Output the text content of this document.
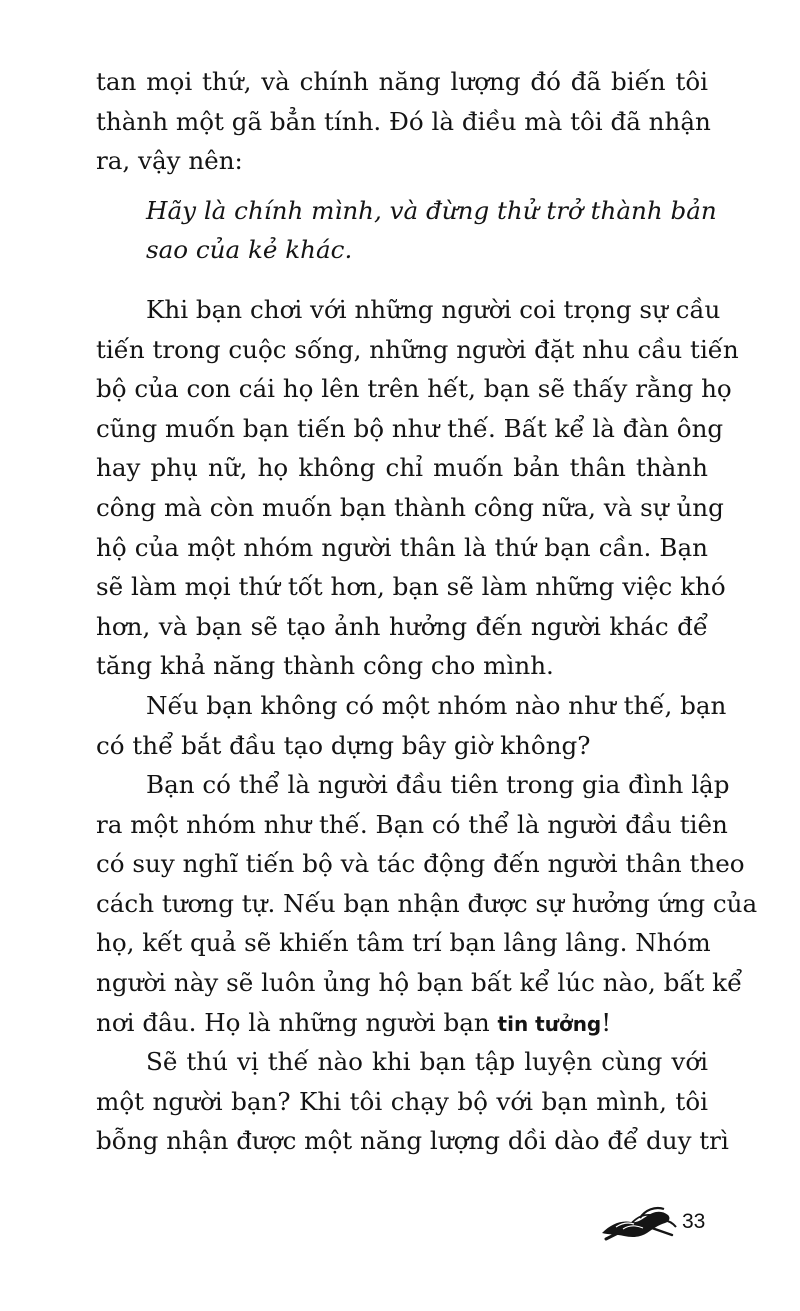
tan mọi thứ, và chính năng lượng đó đã biến tôi
thành một gã bẳn tính. Đó là điều mà tôi đã nhận
ra, vậy nên:
Hãy là chính mình, và đừng thử trở thành bản
sao của kẻ khác.
Khi bạn chơi với những người coi trọng sự cầu
tiến trong cuộc sống, những người đặt nhu cầu tiến
bộ của con cái họ lên trên hết, bạn sẽ thấy rằng họ
cũng muốn bạn tiến bộ như thế. Bất kể là đàn ông
hay phụ nữ, họ không chỉ muốn bản thân thành
công mà còn muốn bạn thành công nữa, và sự ủng
hộ của một nhóm người thân là thứ bạn cần. Bạn
sẽ làm mọi thứ tốt hơn, bạn sẽ làm những việc khó
hơn, và bạn sẽ tạo ảnh hưởng đến người khác để
tăng khả năng thành công cho mình.
Nếu bạn không có một nhóm nào như thế, bạn
có thể bắt đầu tạo dựng bây giờ không?
Bạn có thể là người đầu tiên trong gia đình lập
ra một nhóm như thế. Bạn có thể là người đầu tiên
có suy nghĩ tiến bộ và tác động đến người thân theo
cách tương tự. Nếu bạn nhận được sự hưởng ứng của
họ, kết quả sẽ khiến tâm trí bạn lâng lâng. Nhóm
người này sẽ luôn ủng hộ bạn bất kể lúc nào, bất kể
nơi đâu. Họ là những người bạn tin tưởng!
Sẽ thú vị thế nào khi bạn tập luyện cùng với
một người bạn? Khi tôi chạy bộ với bạn mình, tôi
bỗng nhận được một năng lượng dồi dào để duy trì
33
